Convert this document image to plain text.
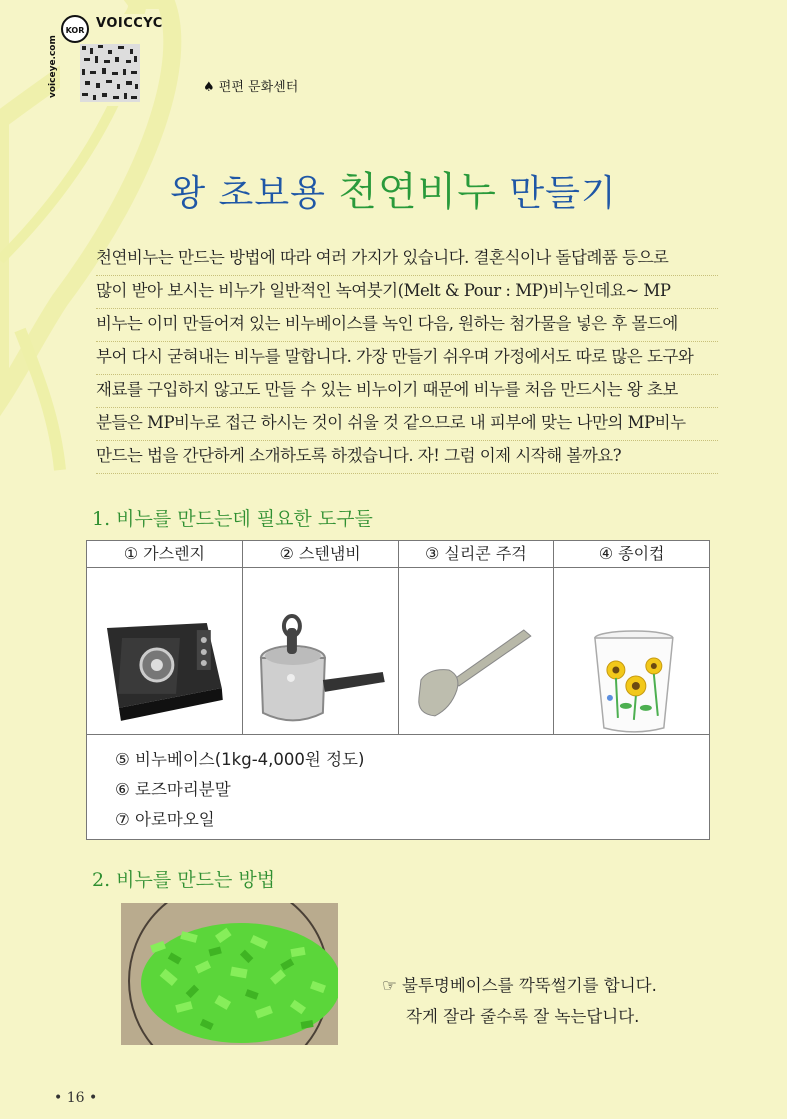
KOR VOICCYC
voiceye.com	♠ 편편 문화센터
왕 초보용 천연비누 만들기
천연비누는 만드는 방법에 따라 여러 가지가 있습니다. 결혼식이나 돌답례품 등으로
많이 받아 보시는 비누가 일반적인 녹여붓기(Melt & Pour : MP)비누인데요~ MP
비누는 이미 만들어져 있는 비누베이스를 녹인 다음, 원하는 첨가물을 넣은 후 몰드에
부어 다시 굳혀내는 비누를 말합니다. 가장 만들기 쉬우며 가정에서도 따로 많은 도구와
재료를 구입하지 않고도 만들 수 있는 비누이기 때문에 비누를 처음 만드시는 왕 초보
분들은 MP비누로 접근 하시는 것이 쉬울 것 같으므로 내 피부에 맞는 나만의 MP비누
만드는 법을 간단하게 소개하도록 하겠습니다. 자! 그럼 이제 시작해 볼까요?
1. 비누를 만드는데 필요한 도구들
① 가스렌지	② 스텐냄비	③ 실리콘 주걱	④ 종이컵
⑤ 비누베이스(1kg-4,000원 정도)
⑥ 로즈마리분말
⑦ 아로마오일
2. 비누를 만드는 방법
☞ 불투명베이스를 깍뚝썰기를 합니다.
작게 잘라 줄수록 잘 녹는답니다.
• 16 •
